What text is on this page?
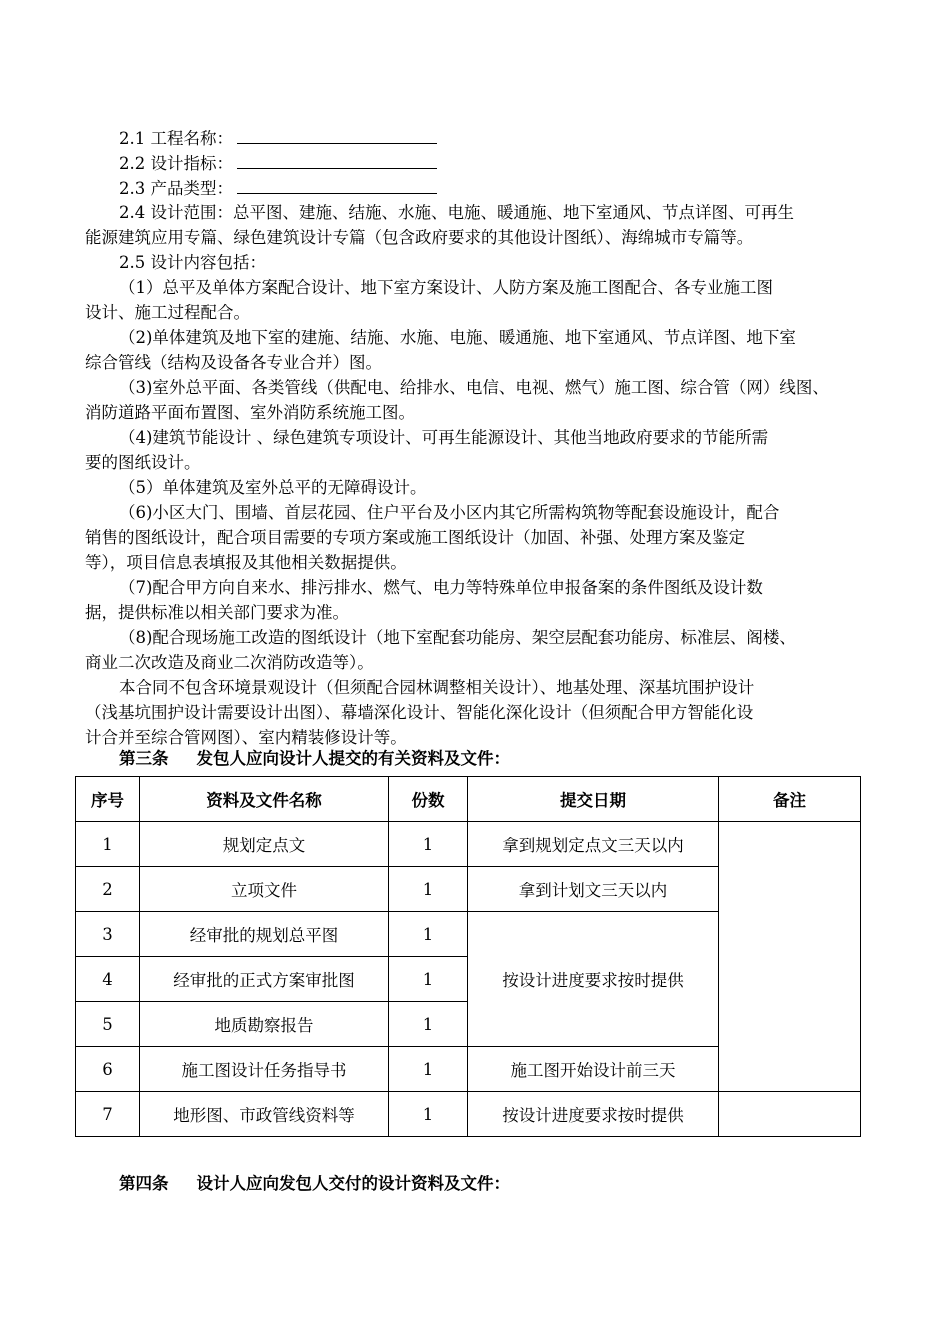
2.1 工程名称：
2.2 设计指标：
2.3 产品类型：
2.4 设计范围：总平图、建施、结施、水施、电施、暖通施、地下室通风、节点详图、可再生
能源建筑应用专篇、绿色建筑设计专篇（包含政府要求的其他设计图纸）、海绵城市专篇等。
2.5 设计内容包括：
（1）总平及单体方案配合设计、地下室方案设计、人防方案及施工图配合、各专业施工图
设计、施工过程配合。
（2)单体建筑及地下室的建施、结施、水施、电施、暖通施、地下室通风、节点详图、地下室
综合管线（结构及设备各专业合并）图。
（3)室外总平面、各类管线（供配电、给排水、电信、电视、燃气）施工图、综合管（网）线图、
消防道路平面布置图、室外消防系统施工图。
（4)建筑节能设计 、绿色建筑专项设计、可再生能源设计、其他当地政府要求的节能所需
要的图纸设计。
（5）单体建筑及室外总平的无障碍设计。
（6)小区大门、围墙、首层花园、住户平台及小区内其它所需构筑物等配套设施设计，配合
销售的图纸设计，配合项目需要的专项方案或施工图纸设计（加固、补强、处理方案及鉴定
等），项目信息表填报及其他相关数据提供。
（7)配合甲方向自来水、排污排水、燃气、电力等特殊单位申报备案的条件图纸及设计数
据，提供标准以相关部门要求为准。
（8)配合现场施工改造的图纸设计（地下室配套功能房、架空层配套功能房、标准层、阁楼、
商业二次改造及商业二次消防改造等）。
本合同不包含环境景观设计（但须配合园林调整相关设计）、地基处理、深基坑围护设计
（浅基坑围护设计需要设计出图）、幕墙深化设计、智能化深化设计（但须配合甲方智能化设
计合并至综合管网图）、室内精装修设计等。
第三条 发包人应向设计人提交的有关资料及文件：
序号	资料及文件名称	份数	提交日期	备注
1	规划定点文	1	拿到规划定点文三天以内	
2	立项文件	1	拿到计划文三天以内	
3	经审批的规划总平图	1	按设计进度要求按时提供	
4	经审批的正式方案审批图	1		
5	地质勘察报告	1		
6	施工图设计任务指导书	1	施工图开始设计前三天	
7	地形图、市政管线资料等	1	按设计进度要求按时提供	
第四条 设计人应向发包人交付的设计资料及文件：
